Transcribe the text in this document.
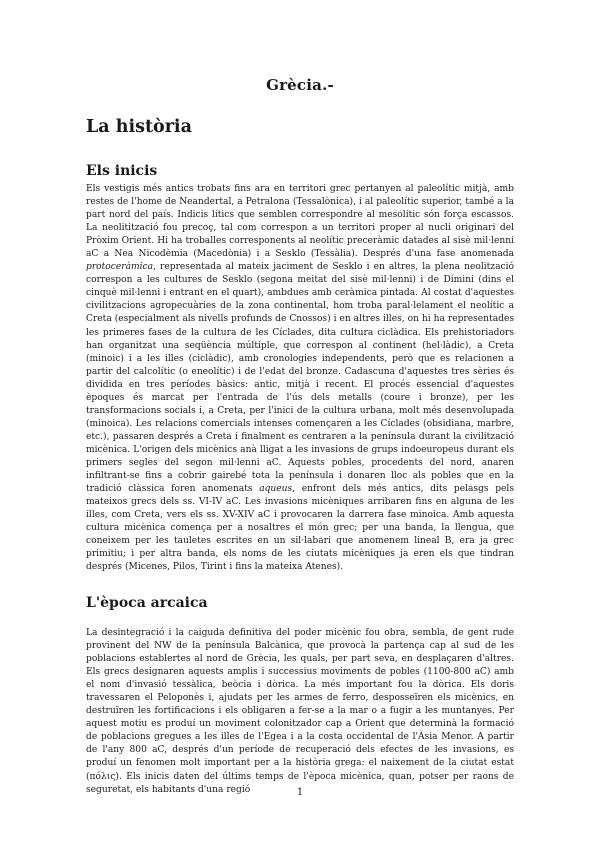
Grècia.-
La història
Els inicis

Els vestigis més antics trobats fins ara en territori grec pertanyen al paleolític mitjà, amb restes de l'home de Neandertal, a Petralona (Tessalònica), i al paleolític superior, també a la part nord del país. Indicis lítics que semblen correspondre al mesolític són força escassos. La neolitització fou precoç, tal com correspon a un territori proper al nucli originari del Pròxim Orient. Hi ha troballes corresponents al neolític preceràmic datades al sisè mil·lenni aC a Nea Nicodèmia (Macedònia) i a Sesklo (Tessàlia). Després d'una fase anomenada protoceràmica, representada al mateix jaciment de Sesklo i en altres, la plena neolització correspon a les cultures de Sesklo (segona meitat del sisè mil·lenni) i de Dímini (dins el cinquè mil·lenni i entrant en el quart), ambdues amb ceràmica pintada. Al costat d'aquestes civilitzacions agropecuàries de la zona continental, hom troba paral·lelament el neolític a Creta (especialment als nivells profunds de Cnossos) i en altres illes, on hi ha representades les primeres fases de la cultura de les Cíclades, dita cultura ciclàdica. Els prehistoriadors han organitzat una seqüència múltiple, que correspon al continent (hel·làdic), a Creta (minoic) i a les illes (ciclàdic), amb cronologies independents, però que es relacionen a partir del calcolític (o eneolític) i de l'edat del bronze. Cadascuna d'aquestes tres sèries és dividida en tres períodes bàsics: antic, mitjà i recent. El procés essencial d'aquestes èpoques és marcat per l'entrada de l'ús dels metalls (coure i bronze), per les transformacions socials i, a Creta, per l'inici de la cultura urbana, molt més desenvolupada (minoica). Les relacions comercials intenses començaren a les Cíclades (obsidiana, marbre, etc.), passaren després a Creta i finalment es centraren a la península durant la civilització micènica. L'origen dels micènics anà lligat a les invasions de grups indoeuropeus durant els primers segles del segon mil·lenni aC. Aquests pobles, procedents del nord, anaren infiltrant-se fins a cobrir gairebé tota la península i donaren lloc als pobles que en la tradició clàssica foren anomenats aqueus, enfront dels més antics, dits pelasgs pels mateixos grecs dels ss. VI-IV aC. Les invasions micèniques arribaren fins en alguna de les illes, com Creta, vers els ss. XV-XIV aC i provocaren la darrera fase minoica. Amb aquesta cultura micènica comença per a nosaltres el món grec; per una banda, la llengua, que coneixem per les tauletes escrites en un sil·labari que anomenem lineal B, era ja grec primitiu; i per altra banda, els noms de les ciutats micèniques ja eren els que tindran després (Micenes, Pilos, Tirint i fins la mateixa Atenes).

L'època arcaica

La desintegració i la caiguda definitiva del poder micènic fou obra, sembla, de gent rude provinent del NW de la península Balcànica, que provocà la partença cap al sud de les poblacions establertes al nord de Grècia, les quals, per part seva, en desplaçaren d'altres. Els grecs designaren aquests amplis i successius moviments de pobles (1100-800 aC) amb el nom d'invasió tessàlica, beòcia i dòrica. La més important fou la dòrica. Els doris travessaren el Peloponès i, ajudats per les armes de ferro, desposseïren els micènics, en destruïren les fortificacions i els obligaren a fer-se a la mar o a fugir a les muntanyes. Per aquest motiu es produí un moviment colonitzador cap a Orient que determinà la formació de poblacions gregues a les illes de l'Egea i a la costa occidental de l'Àsia Menor. A partir de l'any 800 aC, després d'un període de recuperació dels efectes de les invasions, es produí un fenomen molt important per a la història grega: el naixement de la ciutat estat (πόλις). Els inicis daten del últims temps de l'època micènica, quan, potser per raons de seguretat, els habitants d'una regió	1
